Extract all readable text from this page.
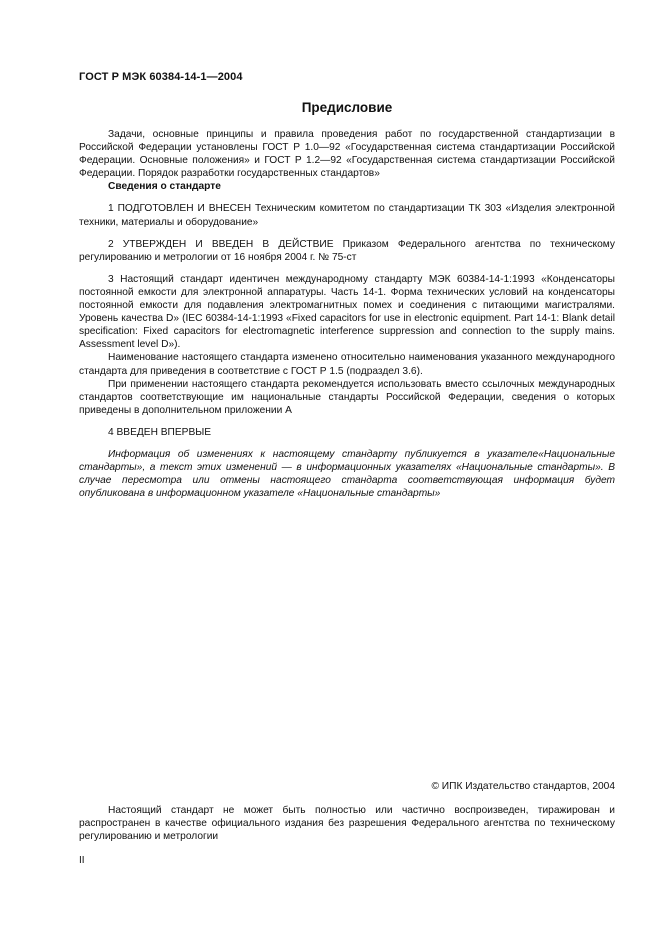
ГОСТ Р МЭК 60384-14-1—2004
Предисловие

Задачи, основные принципы и правила проведения работ по государственной стандартизации в Российской Федерации установлены ГОСТ Р 1.0—92 «Государственная система стандартизации Российской Федерации. Основные положения» и ГОСТ Р 1.2—92 «Государственная система стандартизации Российской Федерации. Порядок разработки государственных стандартов»

Сведения о стандарте

1 ПОДГОТОВЛЕН И ВНЕСЕН Техническим комитетом по стандартизации ТК 303 «Изделия электронной техники, материалы и оборудование»

2 УТВЕРЖДЕН И ВВЕДЕН В ДЕЙСТВИЕ Приказом Федерального агентства по техническому регулированию и метрологии от 16 ноября 2004 г. № 75-ст

3 Настоящий стандарт идентичен международному стандарту МЭК 60384-14-1:1993 «Конденсаторы постоянной емкости для электронной аппаратуры. Часть 14-1. Форма технических условий на конденсаторы постоянной емкости для подавления электромагнитных помех и соединения с питающими магистралями. Уровень качества D» (IEC 60384-14-1:1993 «Fixed capacitors for use in electronic equipment. Part 14-1: Blank detail specification: Fixed capacitors for electromagnetic interference suppression and connection to the supply mains. Assessment level D»).

Наименование настоящего стандарта изменено относительно наименования указанного международного стандарта для приведения в соответствие с ГОСТ Р 1.5 (подраздел 3.6).

При применении настоящего стандарта рекомендуется использовать вместо ссылочных международных стандартов соответствующие им национальные стандарты Российской Федерации, сведения о которых приведены в дополнительном приложении А

4 ВВЕДЕН ВПЕРВЫЕ

Информация об изменениях к настоящему стандарту публикуется в указателе«Национальные стандарты», а текст этих изменений — в информационных указателях «Национальные стандарты». В случае пересмотра или отмены настоящего стандарта соответствующая информация будет опубликована в информационном указателе «Национальные стандарты»

© ИПК Издательство стандартов, 2004

Настоящий стандарт не может быть полностью или частично воспроизведен, тиражирован и распространен в качестве официального издания без разрешения Федерального агентства по техническому регулированию и метрологии

II
